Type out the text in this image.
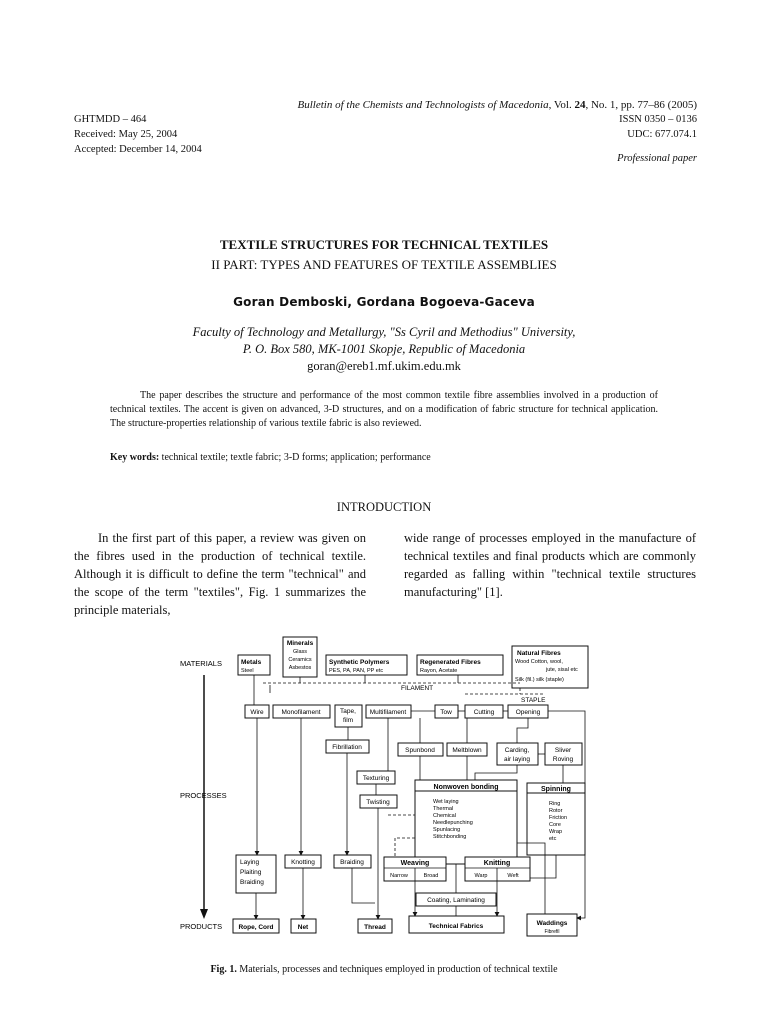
Bulletin of the Chemists and Technologists of Macedonia, Vol. 24, No. 1, pp. 77–86 (2005)
GHTMDD – 464
Received: May 25, 2004
Accepted: December 14, 2004
ISSN 0350 – 0136
UDC: 677.074.1
Professional paper
TEXTILE STRUCTURES FOR TECHNICAL TEXTILES
II PART: TYPES AND FEATURES OF TEXTILE ASSEMBLIES
Goran Demboski, Gordana Bogoeva-Gaceva
Faculty of Technology and Metallurgy, "Ss Cyril and Methodius" University,
P. O. Box 580, MK-1001 Skopje, Republic of Macedonia
goran@ereb1.mf.ukim.edu.mk
The paper describes the structure and performance of the most common textile fibre assemblies involved in a production of technical textiles. The accent is given on advanced, 3-D structures, and on a modification of fabric structure for technical application. The structure-properties relationship of various textile fabric is also reviewed.
Key words: technical textile; textle fabric; 3-D forms; application; performance
INTRODUCTION
In the first part of this paper, a review was given on the fibres used in the production of technical textile. Although it is difficult to define the term "technical" and the scope of the term "textiles", Fig. 1 summarizes the principle materials,
wide range of processes employed in the manufacture of technical textiles and final products which are commonly regarded as falling within "technical textile structures manufacturing" [1].
MATERIALS
PROCESSES
PRODUCTS
Minerals
Glass
Ceramics
Asbestos
Metals
Steel
Synthetic Polymers
PES, PA, PAN, PP etc
Regenerated Fibres
Rayon, Acetate
Natural Fibres
Wood Cotton, wool,
jute, sisal etc
Silk (fil.) silk (staple)
FILAMENT
STAPLE
Wire	Monofilament	Tape,
film
Multifilament	Tow	Cutting	Opening
Fibrillation	Spunbond	Meltblown	Carding,
air laying
Sliver
Roving
Texturing
Twisting
Nonwoven bonding
Wet laying
Thermal
Chemical
Needlepunching
Spunlacing
Stitchbonding
Spinning
Ring
Rotor
Friction
Core
Wrap
etc
Laying
Plaiting
Braiding
Knotting	Braiding	Weaving
Narrow	Broad
Knitting
Warp	Weft
Coating, Laminating
Rope, Cord	Net	Thread	Technical Fabrics	Waddings
Fibrefil
Fig. 1. Materials, processes and techniques employed in production of technical textile
